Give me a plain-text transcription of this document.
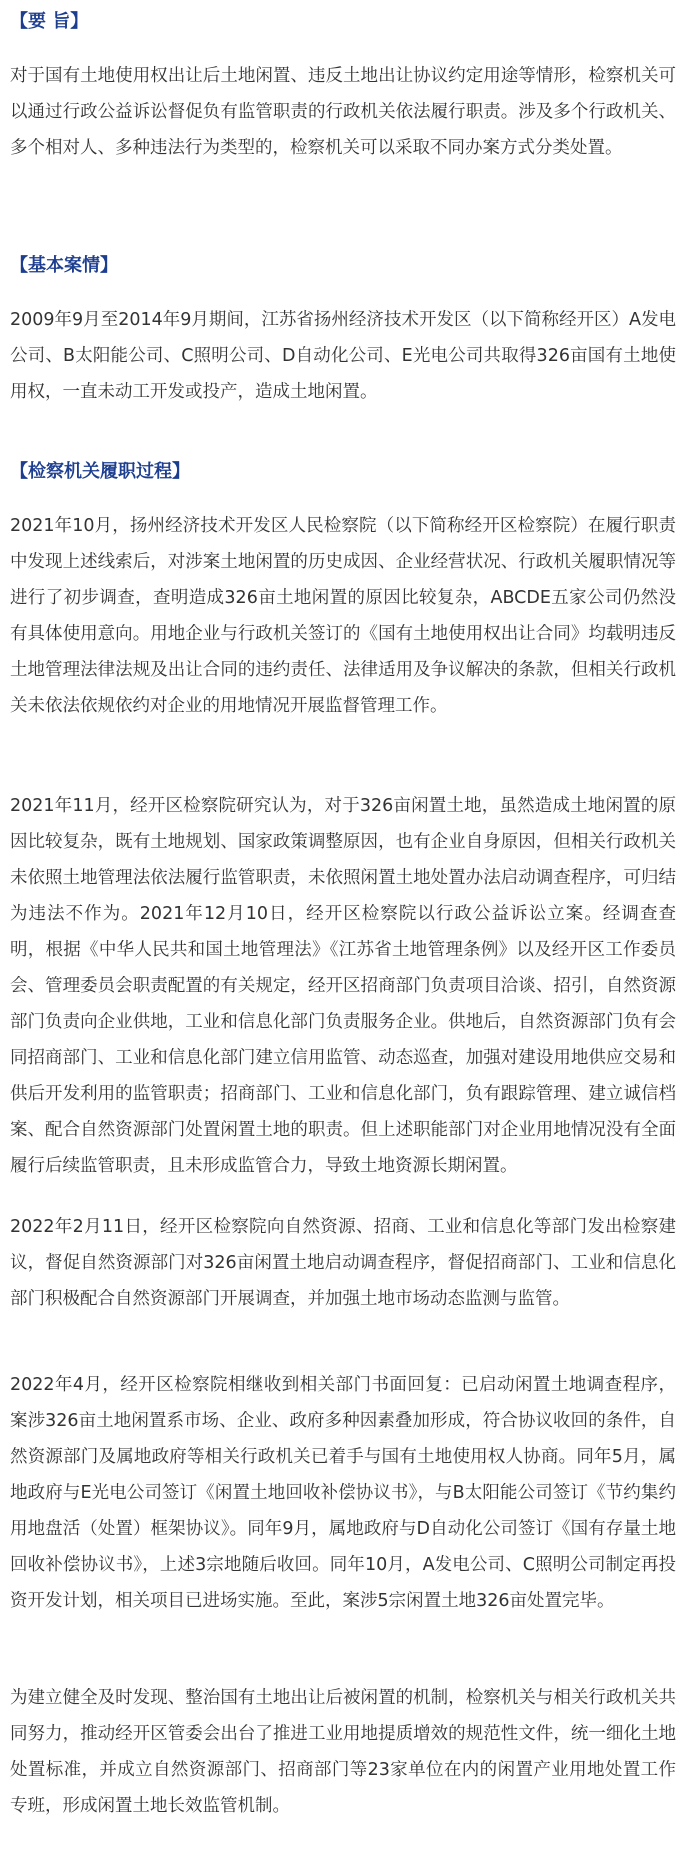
【要 旨】

对于国有土地使用权出让后土地闲置、违反土地出让协议约定用途等情形，检察机关可以通过行政公益诉讼督促负有监管职责的行政机关依法履行职责。涉及多个行政机关、多个相对人、多种违法行为类型的，检察机关可以采取不同办案方式分类处置。

【基本案情】

2009年9月至2014年9月期间，江苏省扬州经济技术开发区（以下简称经开区）A发电公司、B太阳能公司、C照明公司、D自动化公司、E光电公司共取得326亩国有土地使用权，一直未动工开发或投产，造成土地闲置。

【检察机关履职过程】

2021年10月，扬州经济技术开发区人民检察院（以下简称经开区检察院）在履行职责中发现上述线索后，对涉案土地闲置的历史成因、企业经营状况、行政机关履职情况等进行了初步调查，查明造成326亩土地闲置的原因比较复杂，ABCDE五家公司仍然没有具体使用意向。用地企业与行政机关签订的《国有土地使用权出让合同》均载明违反土地管理法律法规及出让合同的违约责任、法律适用及争议解决的条款，但相关行政机关未依法依规依约对企业的用地情况开展监督管理工作。

2021年11月，经开区检察院研究认为，对于326亩闲置土地，虽然造成土地闲置的原因比较复杂，既有土地规划、国家政策调整原因，也有企业自身原因，但相关行政机关未依照土地管理法依法履行监管职责，未依照闲置土地处置办法启动调查程序，可归结为违法不作为。2021年12月10日，经开区检察院以行政公益诉讼立案。经调查查明，根据《中华人民共和国土地管理法》《江苏省土地管理条例》以及经开区工作委员会、管理委员会职责配置的有关规定，经开区招商部门负责项目洽谈、招引，自然资源部门负责向企业供地，工业和信息化部门负责服务企业。供地后，自然资源部门负有会同招商部门、工业和信息化部门建立信用监管、动态巡查，加强对建设用地供应交易和供后开发利用的监管职责；招商部门、工业和信息化部门，负有跟踪管理、建立诚信档案、配合自然资源部门处置闲置土地的职责。但上述职能部门对企业用地情况没有全面履行后续监管职责，且未形成监管合力，导致土地资源长期闲置。

2022年2月11日，经开区检察院向自然资源、招商、工业和信息化等部门发出检察建议，督促自然资源部门对326亩闲置土地启动调查程序，督促招商部门、工业和信息化部门积极配合自然资源部门开展调查，并加强土地市场动态监测与监管。

2022年4月，经开区检察院相继收到相关部门书面回复：已启动闲置土地调查程序，案涉326亩土地闲置系市场、企业、政府多种因素叠加形成，符合协议收回的条件，自然资源部门及属地政府等相关行政机关已着手与国有土地使用权人协商。同年5月，属地政府与E光电公司签订《闲置土地回收补偿协议书》，与B太阳能公司签订《节约集约用地盘活（处置）框架协议》。同年9月，属地政府与D自动化公司签订《国有存量土地回收补偿协议书》，上述3宗地随后收回。同年10月，A发电公司、C照明公司制定再投资开发计划，相关项目已进场实施。至此，案涉5宗闲置土地326亩处置完毕。

为建立健全及时发现、整治国有土地出让后被闲置的机制，检察机关与相关行政机关共同努力，推动经开区管委会出台了推进工业用地提质增效的规范性文件，统一细化土地处置标准，并成立自然资源部门、招商部门等23家单位在内的闲置产业用地处置工作专班，形成闲置土地长效监管机制。
